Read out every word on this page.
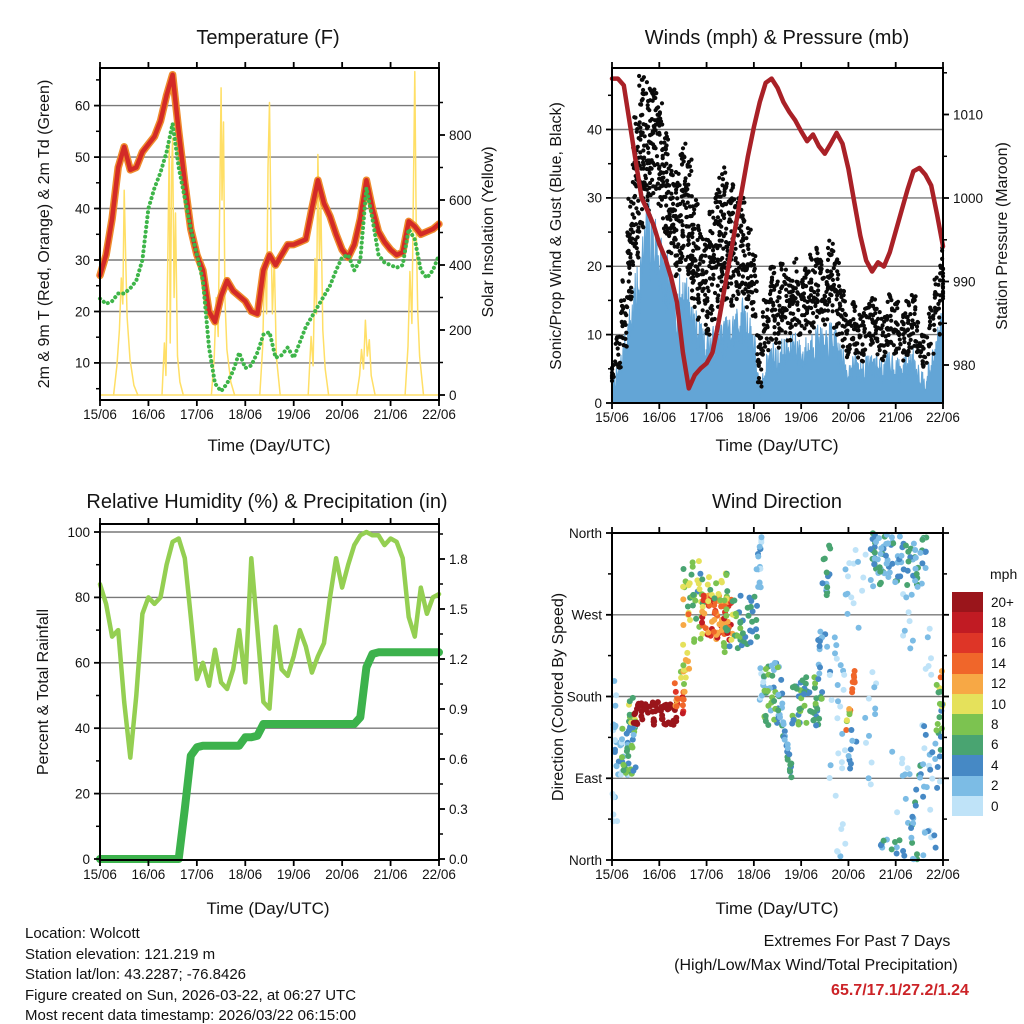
10
20
30
40
50
60
0
200
400
600
800
15/06 16/06 17/06 18/06 19/06 20/06 21/06 22/06
0
10
20
30
40
980
990
1000
1010
15/06 16/06 17/06 18/06 19/06 20/06 21/06 22/06
0
20
40
60
80
100
0.0
0.3
0.6
0.9
1.2
1.5
1.8
15/06 16/06 17/06 18/06 19/06 20/06 21/06 22/06
North
East
South
West
North
15/06 16/06 17/06 18/06 19/06 20/06 21/06 22/06
Temperature (F)	Winds (mph) & Pressure (mb)
Relative Humidity (%) & Precipitation (in)	Wind Direction
2m & 9m T (Red, Orange) & 2m Td (Green)	Solar Insolation (Yellow)	Sonic/Prop Wind & Gust (Blue, Black)	Station Pressure (Maroon)
Percent & Total Rainfall	Direction (Colored By Speed)
Time (Day/UTC)	Time (Day/UTC)
Time (Day/UTC)	Time (Day/UTC)
mph
20+
18
16
14
12
10
8
6
4
2
0
Location: Wolcott
Station elevation: 121.219 m
Station lat/lon: 43.2287; -76.8426
Figure created on Sun, 2026-03-22, at 06:27 UTC
Most recent data timestamp: 2026/03/22 06:15:00
Extremes For Past 7 Days
(High/Low/Max Wind/Total Precipitation)
65.7/17.1/27.2/1.24
